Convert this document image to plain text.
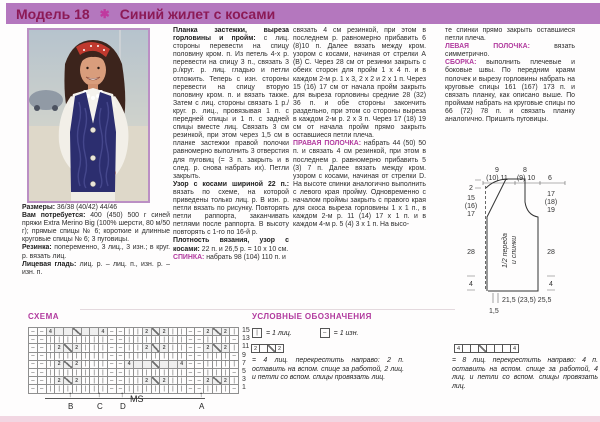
Модель 18 ✱ Синий жилет с косами

Размеры: 36/38 (40/42) 44/46

Вам потребуется: 400 (450) 500 г синей пряжи Extra Merino Big (100% шерсти, 80 м/50 г); прямые спицы № 6; короткие и длинные круговые спицы № 6; 3 пуговицы.

Резинка: попеременно, 3 лиц., 3 изн.; в круг. р. вязать лиц.

Лицевая гладь: лиц. р. – лиц. п., изн. р. – изн. п.

Планка застежки, выреза горловины и пройм: с лиц. стороны перевести на спицу половину кром. п. Из петель 4-х р. перевести на спицу 3 п., связать 3 р./круг. р. лиц. гладью и петли отложить. Теперь с изн. стороны перевести на спицу вторую половину кром. п. и вязать также. Затем с лиц. стороны связать 1 р./круг. р. лиц., провязывая 1 п. с передней спицы и 1 п. с задней спицы вместе лиц. Связать 3 см резинкой, при этом через 1,5 см в планке застежки правой полочки равномерно выполнить 3 отверстия для пуговиц (= 3 п. закрыть и в след. р. снова набрать их). Петли закрыть.

Узор с косами шириной 22 п.: вязать по схеме, на которой приведены только лиц. р. В изн. р. петли вязать по рисунку. Повторять петли раппорта, заканчивать петлями после раппорта. В высоту повторять с 1-го по 16-й р.

Плотность вязания, узор с косами: 22 п. и 26,5 р. = 10 х 10 см.

СПИНКА: набрать 98 (104) 110 п. и

связать 4 см резинкой, при этом в последнем р. равномерно прибавить 6 (8)10 п. Далее вязать между кром. узором с косами, начиная от стрелки А (В) С. Через 28 см от резинки закрыть с обеих сторон для пройм 1 х 4 п. и в каждом 2-м р. 1 х 3, 2 х 2 и 2 х 1 п. Через 15 (16) 17 см от начала пройм закрыть для выреза горловины средние 28 (32) 36 п. и обе стороны закончить раздельно, при этом со стороны выреза в каждом 2-м р. 2 х 3 п. Через 17 (18) 19 см от начала пройм прямо закрыть оставшиеся петли плеча.

ПРАВАЯ ПОЛОЧКА: набрать 44 (50) 50 п. и связать 4 см резинкой, при этом в последнем р. равномерно прибавить 5 (3) 7 п. Далее вязать между кром. узором с косами, начиная от стрелки D. На высоте спинки аналогично выполнить с левого края пройму. Одновременно с началом проймы закрыть с правого края для скоса выреза горловины 1 х 1 п., в каждом 2-м р. 11 (14) 17 х 1 п. и в каждом 4-м р. 5 (4) 3 х 1 п. На высо-

те спинки прямо закрыть оставшиеся петли плеча.

ЛЕВАЯ ПОЛОЧКА: вязать симметрично.

СБОРКА: выполнить плечевые и боковые швы. По передним краям полочек и вырезу горловины набрать на круговые спицы 161 (167) 173 п. и связать планку, как описано выше. По проймам набрать на круговые спицы по 66 (72) 78 п. и связать планку аналогично. Пришить пуговицы.

9	8
(10) 11 (9) 10 6
2
15
(16)
17
28
4
17
(18)
19
28
4
21,5 (23,5) 25,5
1,5
1/2 переда и спинки
СХЕМА
– –	4	4 – –	|	|	2	2	|	|	– –	2	2	|
– –	|	|	|	|	|	|	|	– –	|	|	|	|	|	|	|	– –	|	|	|	–
– –	|	2	2	|	|	|	– –	|	|	2	2	|	|	– –	2	2	|
– –	|	|	|	|	|	|	|	– –	|	|	|	|	|	|	|	– –	|	|	|	–
– –	|	2	2	|	|	|	– –	4	4 – –	|	|	|	|
– –	|	|	|	|	|	|	|	– –	|	|	|	|	|	|	|	– –	|	|	|	–
– –	|	2	2	|	|	|	– –	|	|	2	2	|	|	– –	2	2	|
– –	|	|	|	|	|	|	|	– –	|	|	|	|	|	|	|	– –	|	|	|	–
15
13
11
9
7
5
3
1
MS
↑
B
↑
C
↑
D
↑
A
УСЛОВНЫЕ ОБОЗНАЧЕНИЯ
|	= 1 лиц.	–	= 1 изн.
2	2
= 4 лиц. перекрестить направо: 2 п. оставить на вспом. спице за работой, 2 лиц. и петли со вспом. спицы провязать лиц.
4	4
= 8 лиц. перекрестить направо: 4 п. оставить на вспом. спице за работой, 4 лиц. и петли со вспом. спицы провязать лиц.
